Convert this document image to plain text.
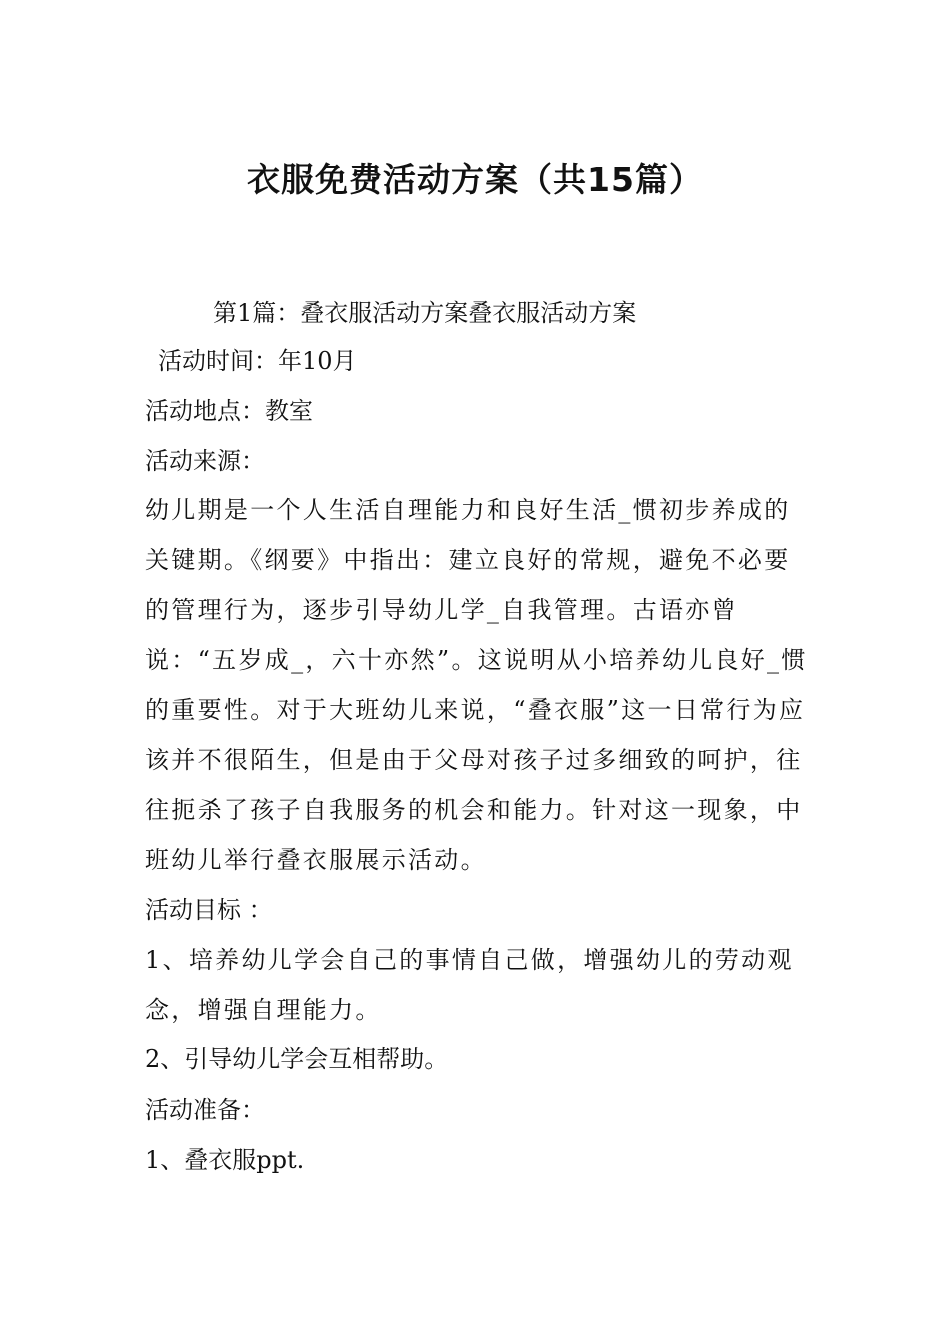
衣服免费活动方案（共15篇）

第1篇：叠衣服活动方案叠衣服活动方案

活动时间：年10月

活动地点：教室

活动来源：

幼儿期是一个人生活自理能力和良好生活_惯初步养成的关键期。《纲要》中指出：建立良好的常规，避免不必要的管理行为，逐步引导幼儿学_自我管理。古语亦曾说：“五岁成_，六十亦然”。这说明从小培养幼儿良好_惯的重要性。对于大班幼儿来说，“叠衣服”这一日常行为应该并不很陌生，但是由于父母对孩子过多细致的呵护，往往扼杀了孩子自我服务的机会和能力。针对这一现象，中班幼儿举行叠衣服展示活动。

活动目标 ：

1、培养幼儿学会自己的事情自己做，增强幼儿的劳动观念，增强自理能力。

2、引导幼儿学会互相帮助。

活动准备：

1、叠衣服ppt.
